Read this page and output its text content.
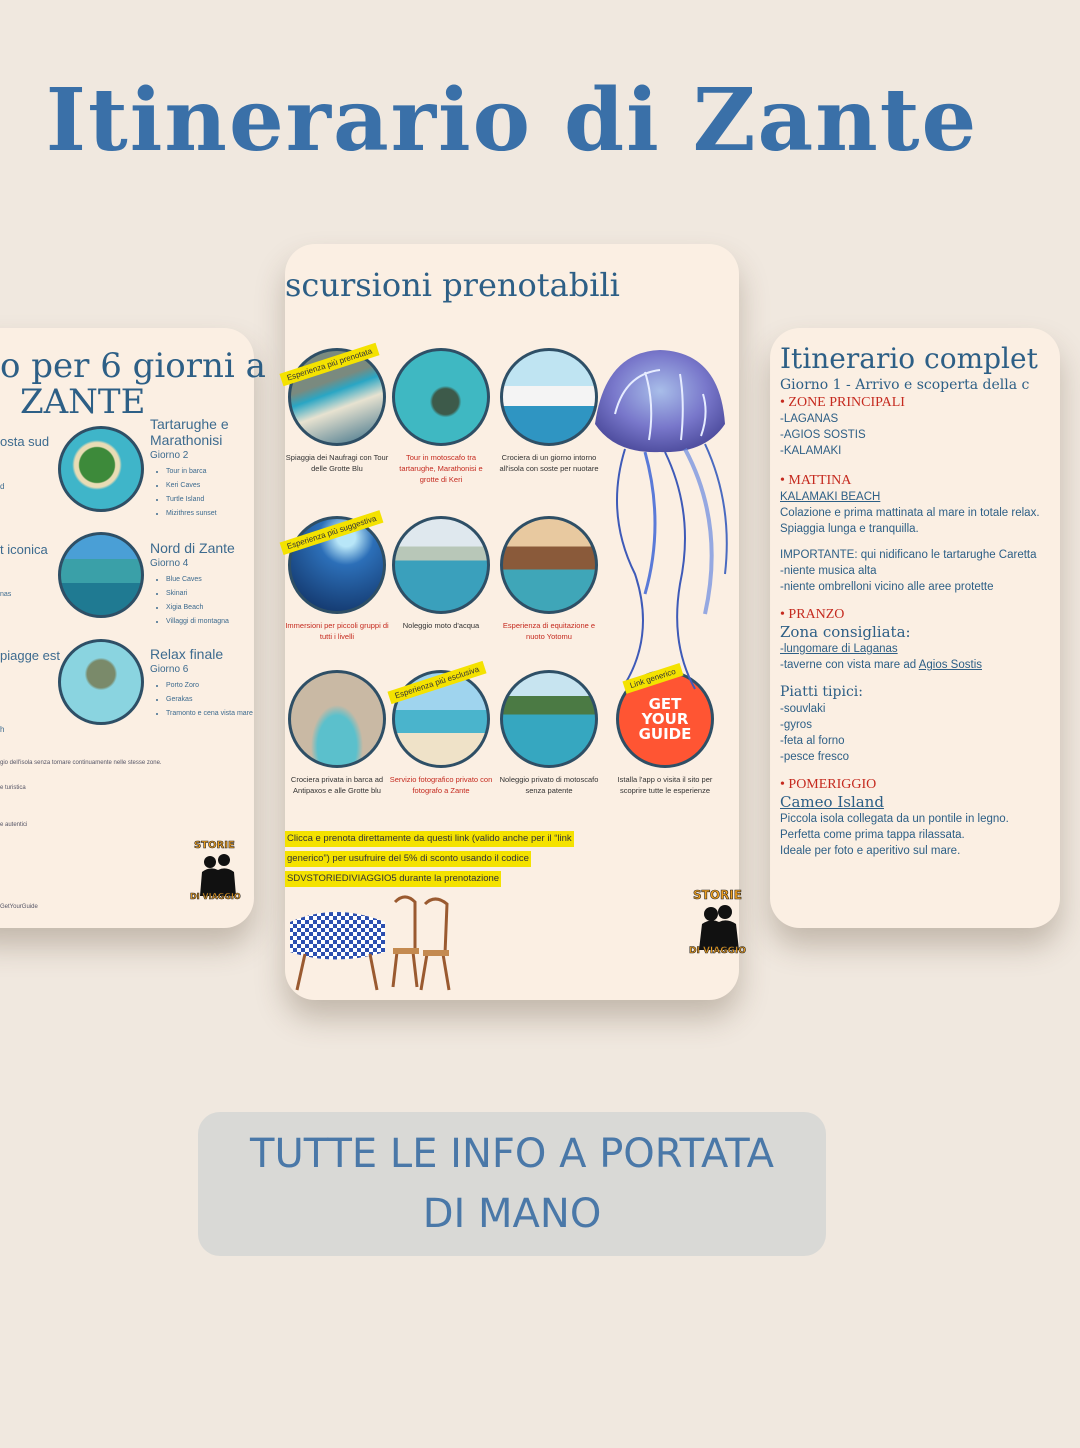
Itinerario di Zante
o per 6 giorni a
ZANTE
osta sud
d
t iconica
nas
piagge est
h
Tartarughe e Marathonisi
Giorno 2
• Tour in barca
• Keri Caves
• Turtle Island
• Mizithres sunset
Nord di Zante
Giorno 4
• Blue Caves
• Skinari
• Xigia Beach
• Villaggi di montagna
Relax finale
Giorno 6
• Porto Zoro
• Gerakas
• Tramonto e cena vista mare
gio dell'isola senza tornare continuamente nelle stesse zone.
e turistica
e autentici
GetYourGuide
STORIE
DI VIAGGIO
scursioni prenotabili
Spiaggia dei Naufragi con Tour delle Grotte Blu
Tour in motoscafo tra tartarughe, Marathonisi e grotte di Keri
Crociera di un giorno intorno all'isola con soste per nuotare
Immersioni per piccoli gruppi di tutti i livelli
Noleggio moto d'acqua	Esperienza di equitazione e nuoto Yotomu
Crociera privata in barca ad Antipaxos e alle Grotte blu
Servizio fotografico privato con fotografo a Zante
Noleggio privato di motoscafo senza patente
GET
YOUR
GUIDE
Istalla l'app o visita il sito per scoprire tutte le esperienze
Esperienza più prenotata
Esperienza più suggestiva
Esperienza più esclusiva	Link generico
Clicca e prenota direttamente da questi link (valido anche per il “link
generico”) per usufruire del 5% di sconto usando il codice
SDVSTORIEDIVIAGGIO5 durante la prenotazione
STORIE
DI VIAGGIO
Itinerario complet
Giorno 1 - Arrivo e scoperta della c
• ZONE PRINCIPALI
-LAGANAS
-AGIOS SOSTIS
-KALAMAKI
• MATTINA
KALAMAKI BEACH
Colazione e prima mattinata al mare in totale relax.
Spiaggia lunga e tranquilla.
IMPORTANTE: qui nidificano le tartarughe Caretta
-niente musica alta
-niente ombrelloni vicino alle aree protette
• PRANZO
Zona consigliata:
-lungomare di Laganas
-taverne con vista mare ad Agios Sostis
Piatti tipici:
-souvlaki
-gyros
-feta al forno
-pesce fresco
• POMERIGGIO
Cameo Island
Piccola isola collegata da un pontile in legno.
Perfetta come prima tappa rilassata.
Ideale per foto e aperitivo sul mare.
TUTTE LE INFO A PORTATA
DI MANO
